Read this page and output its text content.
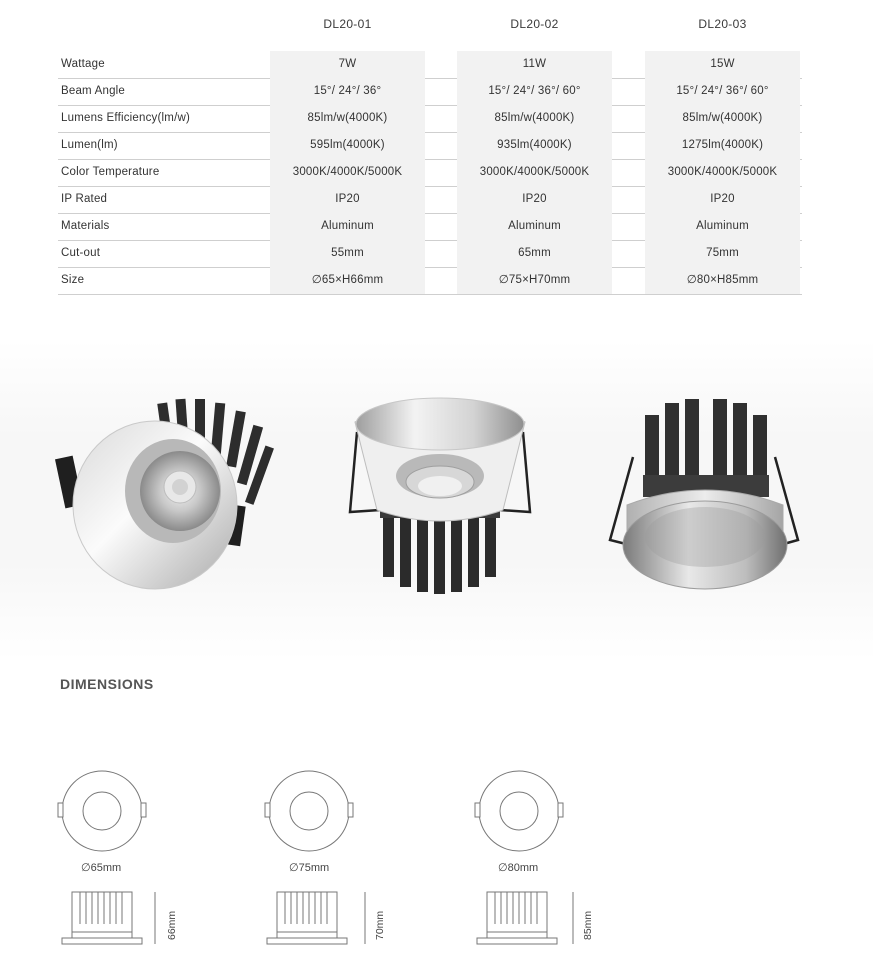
DL20-01	DL20-02	DL20-03
Wattage	7W	11W	15W
Beam Angle	15°/ 24°/ 36°	15°/ 24°/ 36°/ 60°	15°/ 24°/ 36°/ 60°
Lumens Efficiency(lm/w)	85lm/w(4000K)	85lm/w(4000K)	85lm/w(4000K)
Lumen(lm)	595lm(4000K)	935lm(4000K)	1275lm(4000K)
Color Temperature	3000K/4000K/5000K	3000K/4000K/5000K	3000K/4000K/5000K
IP Rated	IP20	IP20	IP20
Materials	Aluminum	Aluminum	Aluminum
Cut-out	55mm	65mm	75mm
Size	∅65×H66mm	∅75×H70mm	∅80×H85mm
DIMENSIONS
∅65mm
66mm
∅75mm
70mm
∅80mm
85mm
